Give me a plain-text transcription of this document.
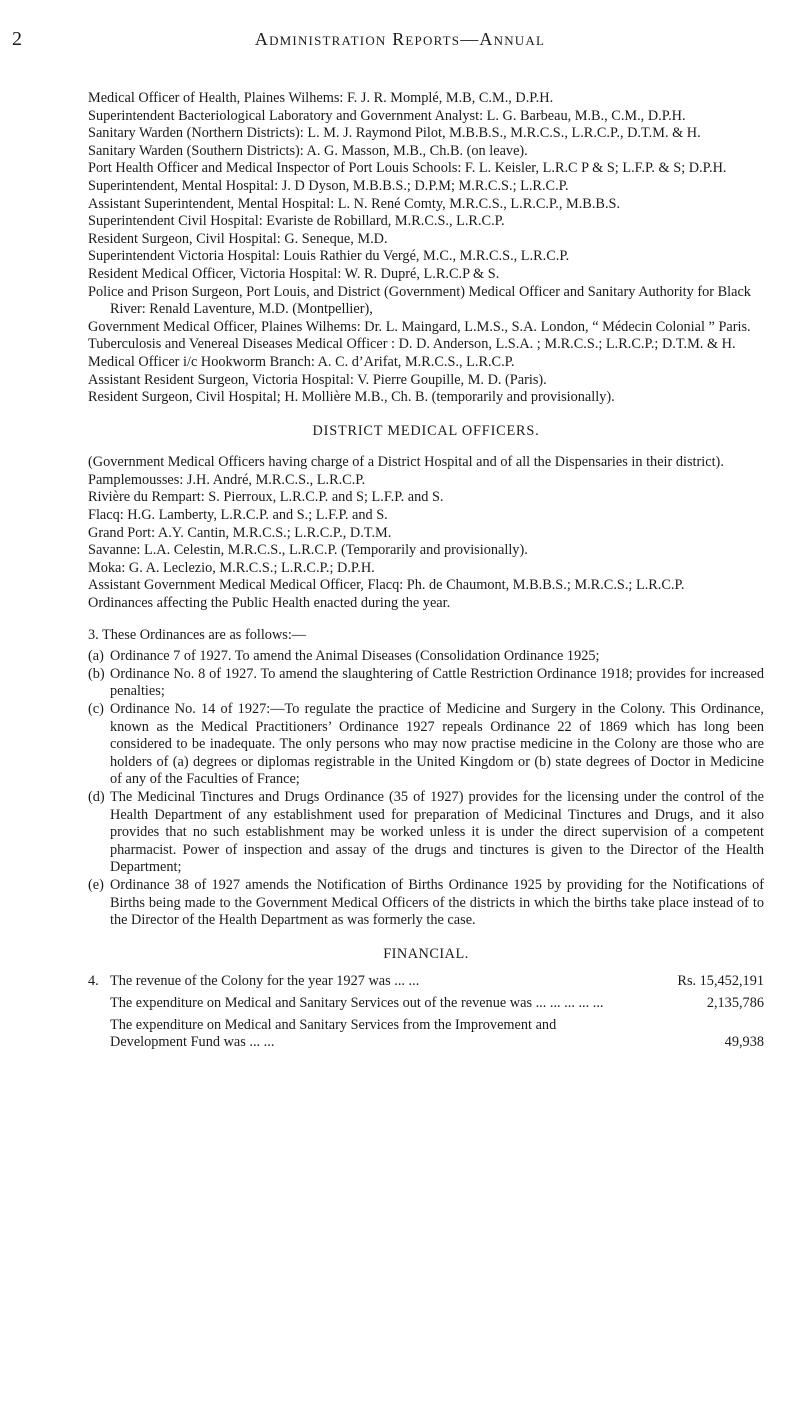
2	Administration Reports—Annual

Medical Officer of Health, Plaines Wilhems: F. J. R. Momplé, M.B, C.M., D.P.H.

Superintendent Bacteriological Laboratory and Government Analyst: L. G. Barbeau, M.B., C.M., D.P.H.

Sanitary Warden (Northern Districts): L. M. J. Raymond Pilot, M.B.B.S., M.R.C.S., L.R.C.P., D.T.M. & H.

Sanitary Warden (Southern Districts): A. G. Masson, M.B., Ch.B. (on leave).

Port Health Officer and Medical Inspector of Port Louis Schools: F. L. Keisler, L.R.C P & S; L.F.P. & S; D.P.H.

Superintendent, Mental Hospital: J. D Dyson, M.B.B.S.; D.P.M; M.R.C.S.; L.R.C.P.

Assistant Superintendent, Mental Hospital: L. N. René Comty, M.R.C.S., L.R.C.P., M.B.B.S.

Superintendent Civil Hospital: Evariste de Robillard, M.R.C.S., L.R.C.P.

Resident Surgeon, Civil Hospital: G. Seneque, M.D.

Superintendent Victoria Hospital: Louis Rathier du Vergé, M.C., M.R.C.S., L.R.C.P.

Resident Medical Officer, Victoria Hospital: W. R. Dupré, L.R.C.P & S.

Police and Prison Surgeon, Port Louis, and District (Government) Medical Officer and Sanitary Authority for Black River: Renald Laventure, M.D. (Montpellier),

Government Medical Officer, Plaines Wilhems: Dr. L. Maingard, L.M.S., S.A. London, “ Médecin Colonial ” Paris.

Tuberculosis and Venereal Diseases Medical Officer : D. D. Anderson, L.S.A. ; M.R.C.S.; L.R.C.P.; D.T.M. & H.

Medical Officer i/c Hookworm Branch: A. C. d’Arifat, M.R.C.S., L.R.C.P.

Assistant Resident Surgeon, Victoria Hospital: V. Pierre Goupille, M. D. (Paris).

Resident Surgeon, Civil Hospital; H. Mollière M.B., Ch. B. (temporarily and provisionally).

DISTRICT MEDICAL OFFICERS.

(Government Medical Officers having charge of a District Hospital and of all the Dispensaries in their district).

Pamplemousses: J.H. André, M.R.C.S., L.R.C.P.

Rivière du Rempart: S. Pierroux, L.R.C.P. and S; L.F.P. and S.

Flacq: H.G. Lamberty, L.R.C.P. and S.; L.F.P. and S.

Grand Port: A.Y. Cantin, M.R.C.S.; L.R.C.P., D.T.M.

Savanne: L.A. Celestin, M.R.C.S., L.R.C.P. (Temporarily and provisionally).

Moka: G. A. Leclezio, M.R.C.S.; L.R.C.P.; D.P.H.

Assistant Government Medical Medical Officer, Flacq: Ph. de Chaumont, M.B.B.S.; M.R.C.S.; L.R.C.P.

Ordinances affecting the Public Health enacted during the year.

3. These Ordinances are as follows:—

(a) Ordinance 7 of 1927. To amend the Animal Diseases (Consolidation Ordinance 1925;
(b) Ordinance No. 8 of 1927. To amend the slaughtering of Cattle Restriction Ordinance 1918; provides for increased penalties;
(c) Ordinance No. 14 of 1927:—To regulate the practice of Medicine and Surgery in the Colony. This Ordinance, known as the Medical Practitioners’ Ordinance 1927 repeals Ordinance 22 of 1869 which has long been considered to be inadequate. The only persons who may now practise medicine in the Colony are those who are holders of (a) degrees or diplomas registrable in the United Kingdom or (b) state degrees of Doctor in Medicine of any of the Faculties of France;
(d) The Medicinal Tinctures and Drugs Ordinance (35 of 1927) provides for the licensing under the control of the Health Department of any establishment used for preparation of Medicinal Tinctures and Drugs, and it also provides that no such establishment may be worked unless it is under the direct supervision of a competent pharmacist. Power of inspection and assay of the drugs and tinctures is given to the Director of the Health Department;
(e) Ordinance 38 of 1927 amends the Notification of Births Ordinance 1925 by providing for the Notifications of Births being made to the Government Medical Officers of the districts in which the births take place instead of to the Director of the Health Department as was formerly the case.
FINANCIAL.
4. The revenue of the Colony for the year 1927 was ... ...	Rs. 15,452,191
The expenditure on Medical and Sanitary Services out of the revenue was ... ... ... ... ...	2,135,786
The expenditure on Medical and Sanitary Services from the Improvement and Development Fund was ... ...	49,938
